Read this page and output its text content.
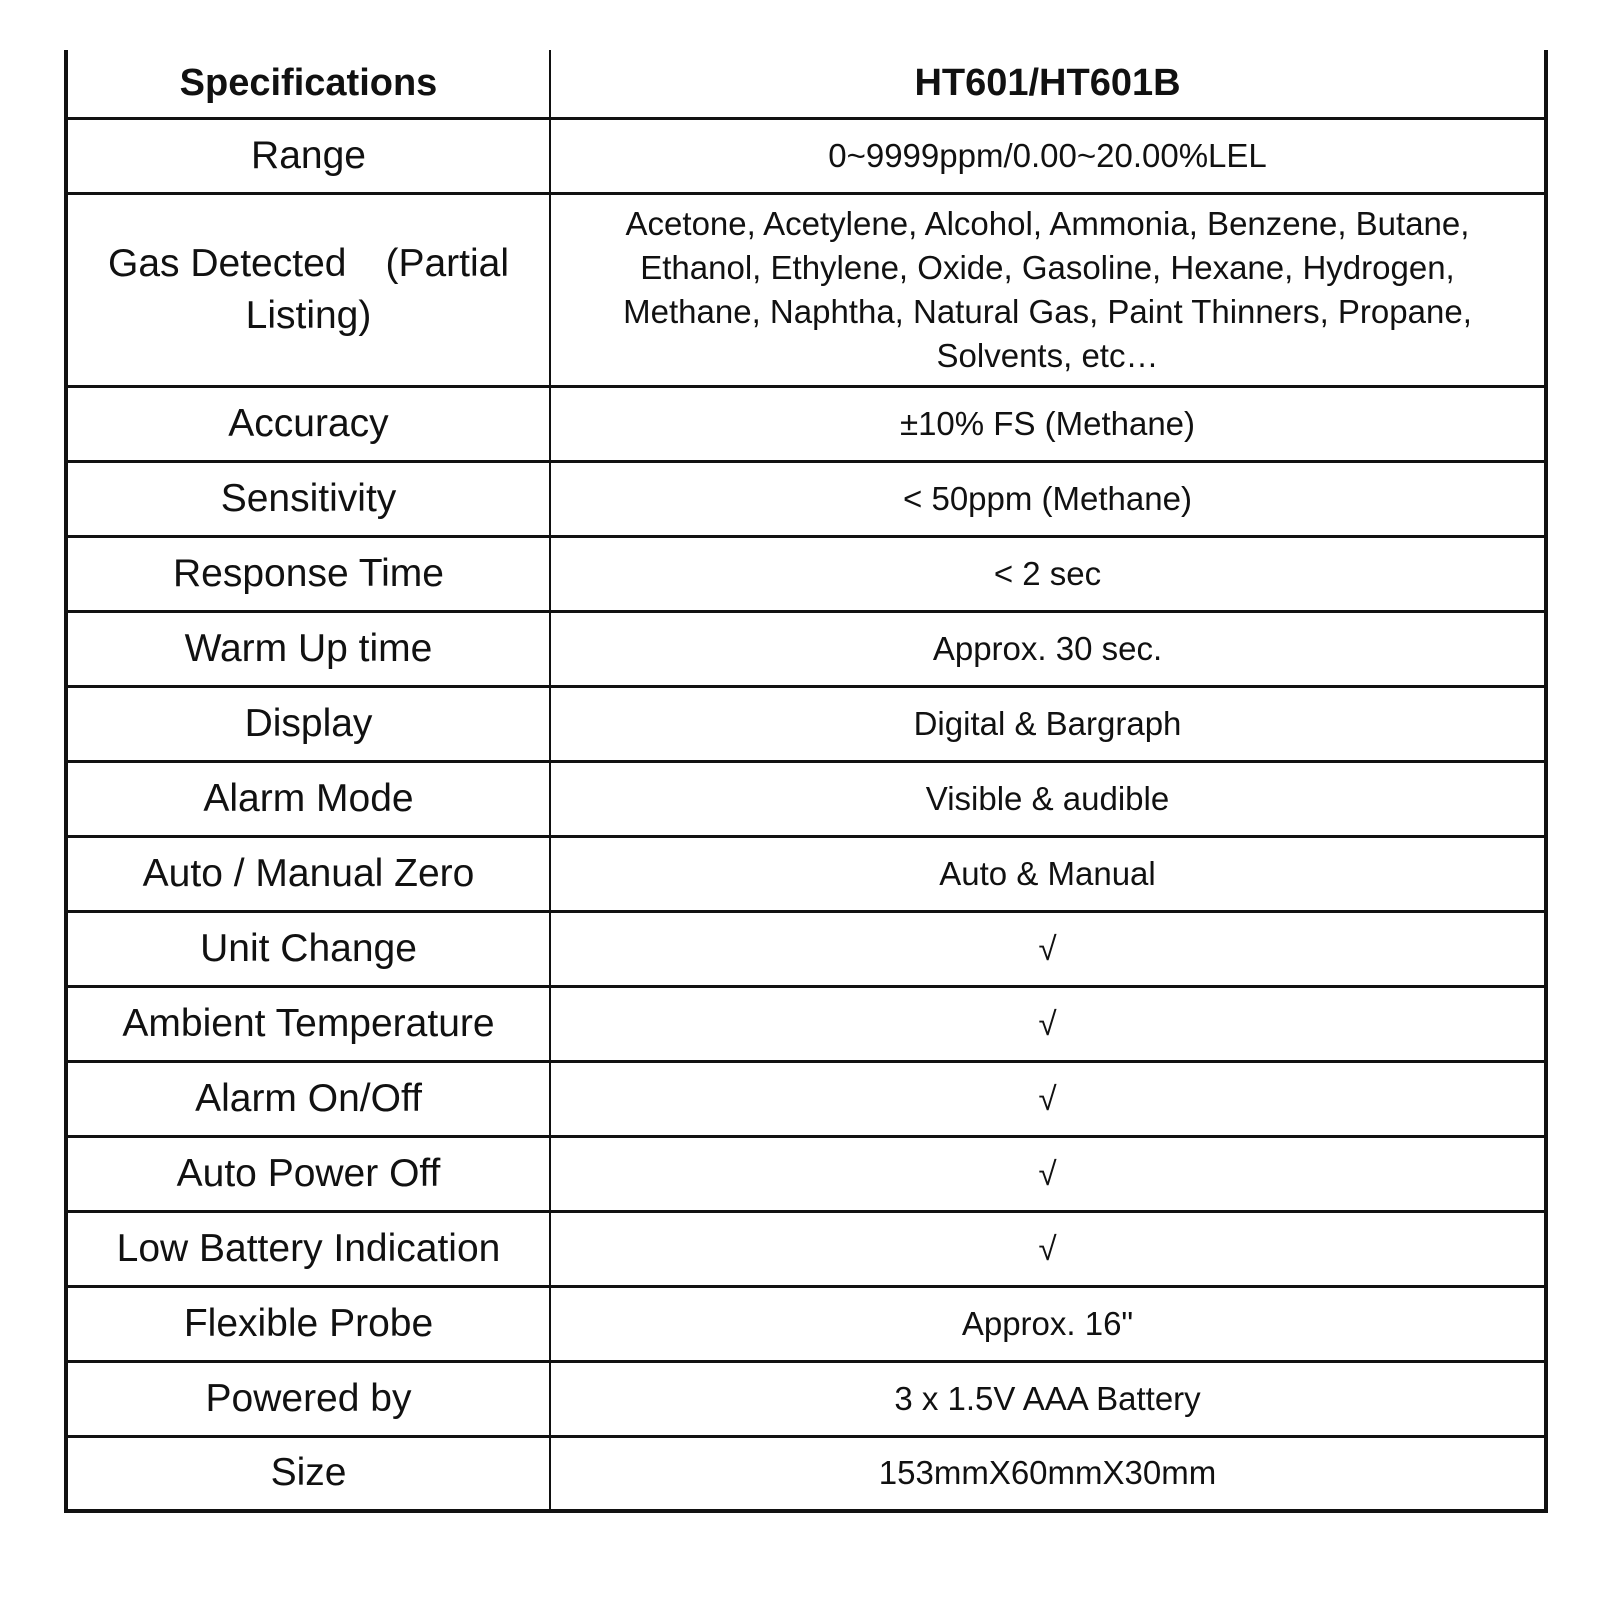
Specifications	HT601/HT601B
Range	0~9999ppm/0.00~20.00%LEL
Gas Detected　(Partial Listing)	Acetone, Acetylene, Alcohol, Ammonia, Benzene, Butane, Ethanol, Ethylene, Oxide, Gasoline, Hexane, Hydrogen, Methane, Naphtha, Natural Gas, Paint Thinners, Propane, Solvents, etc…
Accuracy	±10% FS (Methane)
Sensitivity	< 50ppm (Methane)
Response Time	< 2 sec
Warm Up time	Approx. 30 sec.
Display	Digital & Bargraph
Alarm Mode	Visible & audible
Auto / Manual Zero	Auto & Manual
Unit Change	√
Ambient Temperature	√
Alarm On/Off	√
Auto Power Off	√
Low Battery Indication	√
Flexible Probe	Approx. 16"
Powered by	3 x 1.5V AAA Battery
Size	153mmX60mmX30mm
